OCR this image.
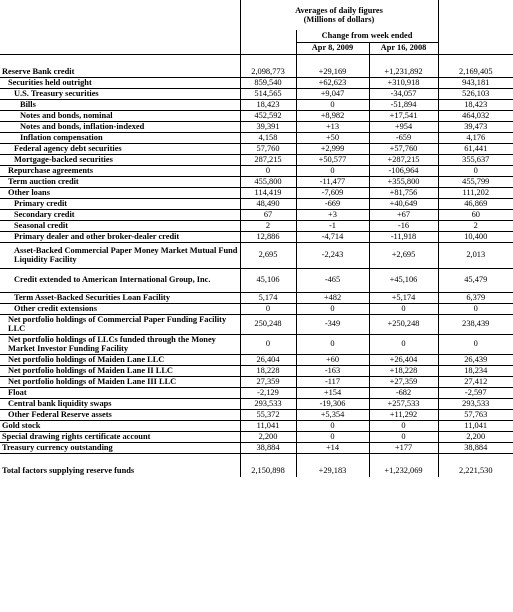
	Averages of daily figures
(Millions of dollars)			

		Change from week ended		
		Apr 8, 2009	Apr 16, 2008	

Reserve Bank credit	2,098,773	+29,169	+1,231,892	2,169,405
Securities held outright	859,540	+62,623	+310,918	943,181
U.S. Treasury securities	514,565	+9,047	-34,057	526,103
Bills	18,423	0	-51,894	18,423
Notes and bonds, nominal	452,592	+8,982	+17,541	464,032
Notes and bonds, inflation-indexed	39,391	+13	+954	39,473
Inflation compensation	4,158	+50	-659	4,176
Federal agency debt securities	57,760	+2,999	+57,760	61,441
Mortgage-backed securities	287,215	+50,577	+287,215	355,637
Repurchase agreements	0	0	-106,964	0
Term auction credit	455,800	-11,477	+355,800	455,799
Other loans	114,419	-7,609	+81,756	111,202
Primary credit	48,490	-669	+40,649	46,869
Secondary credit	67	+3	+67	60
Seasonal credit	2	-1	-16	2
Primary dealer and other broker-dealer credit	12,886	-4,714	-11,918	10,400
Asset-Backed Commercial Paper Money Market Mutual Fund Liquidity Facility	2,695	-2,243	+2,695	2,013
Credit extended to American International Group, Inc.	45,106	-465	+45,106	45,479
Term Asset-Backed Securities Loan Facility	5,174	+482	+5,174	6,379
Other credit extensions	0	0	0	0
Net portfolio holdings of Commercial Paper Funding Facility LLC	250,248	-349	+250,248	238,439
Net portfolio holdings of LLCs funded through the Money Market Investor Funding Facility	0	0	0	0
Net portfolio holdings of Maiden Lane LLC	26,404	+60	+26,404	26,439
Net portfolio holdings of Maiden Lane II LLC	18,228	-163	+18,228	18,234
Net portfolio holdings of Maiden Lane III LLC	27,359	-117	+27,359	27,412
Float	-2,129	+154	-682	-2,597
Central bank liquidity swaps	293,533	-19,306	+257,533	293,533
Other Federal Reserve assets	55,372	+5,354	+11,292	57,763
Gold stock	11,041	0	0	11,041
Special drawing rights certificate account	2,200	0	0	2,200
Treasury currency outstanding	38,884	+14	+177	38,884

Total factors supplying reserve funds	2,150,898	+29,183	+1,232,069	2,221,530
